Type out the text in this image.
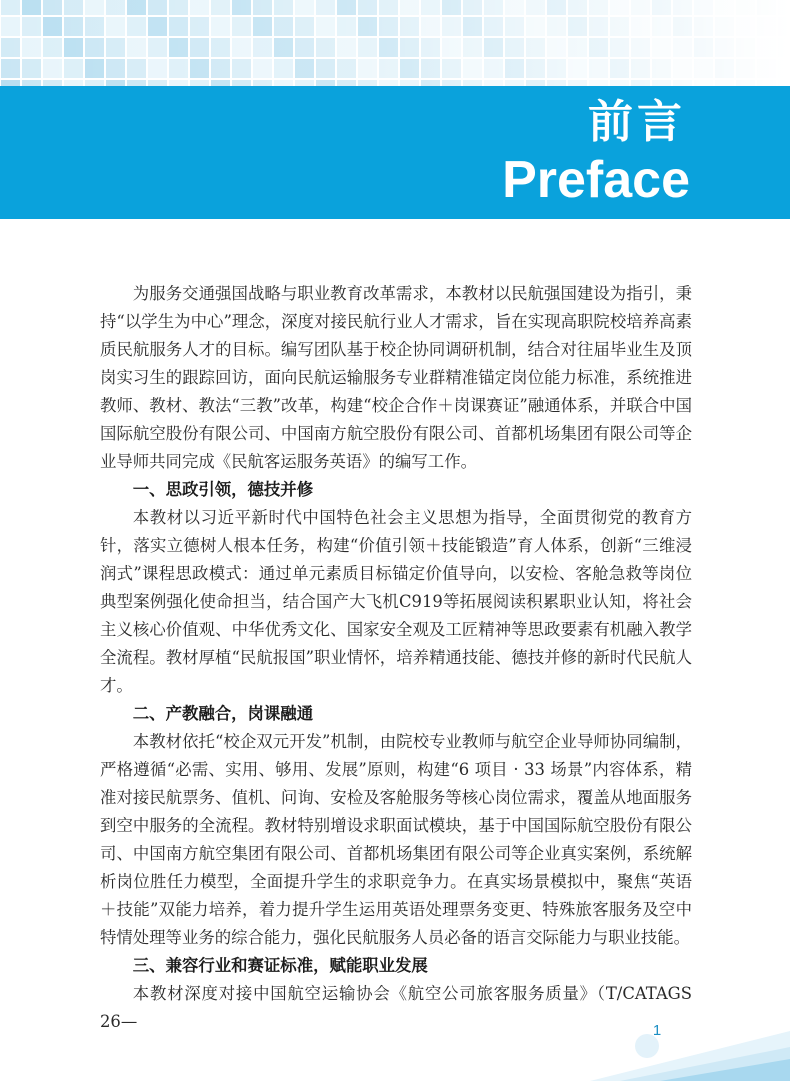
前言
Preface

为服务交通强国战略与职业教育改革需求，本教材以民航强国建设为指引，秉持“以学生为中心”理念，深度对接民航行业人才需求，旨在实现高职院校培养高素质民航服务人才的目标。编写团队基于校企协同调研机制，结合对往届毕业生及顶岗实习生的跟踪回访，面向民航运输服务专业群精准锚定岗位能力标准，系统推进教师、教材、教法“三教”改革，构建“校企合作＋岗课赛证”融通体系，并联合中国国际航空股份有限公司、中国南方航空股份有限公司、首都机场集团有限公司等企业导师共同完成《民航客运服务英语》的编写工作。

一、思政引领，德技并修

本教材以习近平新时代中国特色社会主义思想为指导，全面贯彻党的教育方针，落实立德树人根本任务，构建“价值引领＋技能锻造”育人体系，创新“三维浸润式”课程思政模式：通过单元素质目标锚定价值导向，以安检、客舱急救等岗位典型案例强化使命担当，结合国产大飞机C919等拓展阅读积累职业认知，将社会主义核心价值观、中华优秀文化、国家安全观及工匠精神等思政要素有机融入教学全流程。教材厚植“民航报国”职业情怀，培养精通技能、德技并修的新时代民航人才。

二、产教融合，岗课融通

本教材依托“校企双元开发”机制，由院校专业教师与航空企业导师协同编制，严格遵循“必需、实用、够用、发展”原则，构建“6 项目 · 33 场景”内容体系，精准对接民航票务、值机、问询、安检及客舱服务等核心岗位需求，覆盖从地面服务到空中服务的全流程。教材特别增设求职面试模块，基于中国国际航空股份有限公司、中国南方航空集团有限公司、首都机场集团有限公司等企业真实案例，系统解析岗位胜任力模型，全面提升学生的求职竞争力。在真实场景模拟中，聚焦“英语＋技能”双能力培养，着力提升学生运用英语处理票务变更、特殊旅客服务及空中特情处理等业务的综合能力，强化民航服务人员必备的语言交际能力与职业技能。

三、兼容行业和赛证标准，赋能职业发展

本教材深度对接中国航空运输协会《航空公司旅客服务质量》（T/CATAGS 26—	1
